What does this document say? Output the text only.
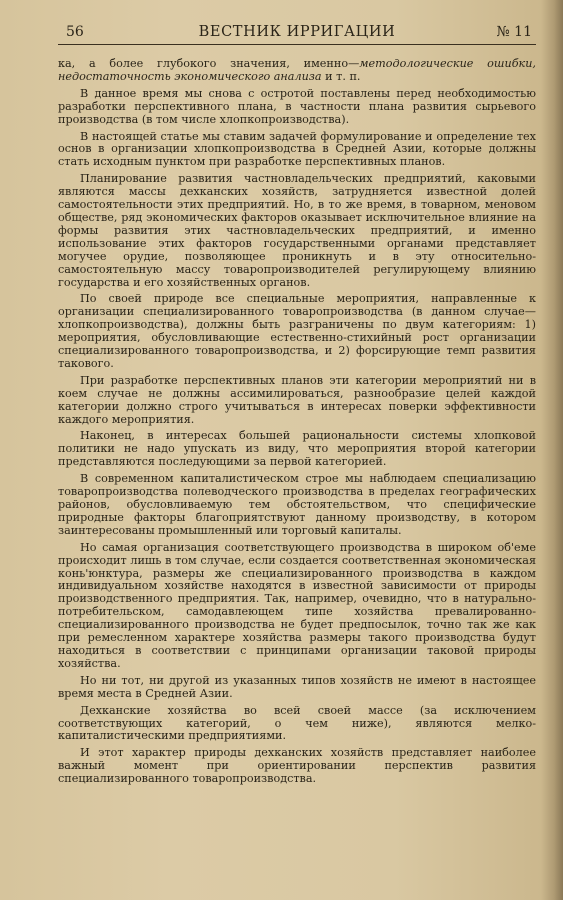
56	ВЕСТНИК ИРРИГАЦИИ	№ 11

ка, а более глубокого значения, именно—методологические ошибки, недостаточность экономического анализа и т. п.

В данное время мы снова с остротой поставлены перед необходимостью разработки перспективного плана, в частности плана развития сырьевого производства (в том числе хлопкопроизводства).

В настоящей статье мы ставим задачей формулирование и определение тех основ в организации хлопкопроизводства в Средней Азии, которые должны стать исходным пунктом при разработке перспективных планов.

Планирование развития частновладельческих предприятий, каковыми являются массы дехканских хозяйств, затрудняется известной долей самостоятельности этих предприятий. Но, в то же время, в товарном, меновом обществе, ряд экономических факторов оказывает исключительное влияние на формы развития этих частновладельческих предприятий, и именно использование этих факторов государственными органами представляет могучее орудие, позволяющее проникнуть и в эту относительно-самостоятельную массу товаропроизводителей регулирующему влиянию государства и его хозяйственных органов.

По своей природе все специальные мероприятия, направленные к организации специализированного товаропроизводства (в данном случае—хлопкопроизводства), должны быть разграничены по двум категориям: 1) мероприятия, обусловливающие естественно-стихийный рост организации специализированного товаропроизводства, и 2) форсирующие темп развития такового.

При разработке перспективных планов эти категории мероприятий ни в коем случае не должны ассимилироваться, разнообразие целей каждой категории должно строго учитываться в интересах поверки эффективности каждого мероприятия.

Наконец, в интересах большей рациональности системы хлопковой политики не надо упускать из виду, что мероприятия второй категории представляются последующими за первой категорией.

В современном капиталистическом строе мы наблюдаем специализацию товаропроизводства полеводческого производства в пределах географических районов, обусловливаемую тем обстоятельством, что специфические природные факторы благоприятствуют данному производству, в котором заинтересованы промышленный или торговый капиталы.

Но самая организация соответствующего производства в широком об'еме происходит лишь в том случае, если создается соответственная экономическая конь'юнктура, размеры же специализированного производства в каждом индивидуальном хозяйстве находятся в известной зависимости от природы производственного предприятия. Так, например, очевидно, что в натурально-потребительском, самодавлеющем типе хозяйства превалированно-специализированного производства не будет предпосылок, точно так же как при ремесленном характере хозяйства размеры такого производства будут находиться в соответствии с принципами организации таковой природы хозяйства.

Но ни тот, ни другой из указанных типов хозяйств не имеют в настоящее время места в Средней Азии.

Дехканские хозяйства во всей своей массе (за исключением соответствующих категорий, о чем ниже), являются мелко-капиталистическими предприятиями.

И этот характер природы дехканских хозяйств представляет наиболее важный момент при ориентировании перспектив развития специализированного товаропроизводства.
